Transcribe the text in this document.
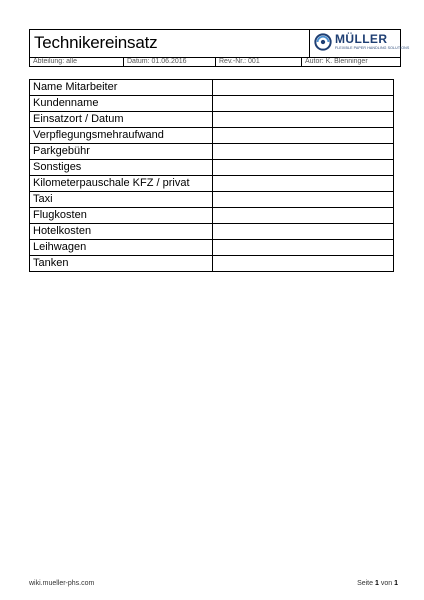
Technikereinsatz	MÜLLER
FLEXIBLE PAPER HANDLING SOLUTIONS
Abteilung: alle	Datum: 01.06.2016	Rev.-Nr.: 001	Autor: K. Blenninger
Name Mitarbeiter	
Kundenname	
Einsatzort / Datum	
Verpflegungsmehraufwand	
Parkgebühr	
Sonstiges	
Kilometerpauschale KFZ / privat	
Taxi	
Flugkosten	
Hotelkosten	
Leihwagen	
Tanken	
wiki.mueller-phs.com	Seite 1 von 1
